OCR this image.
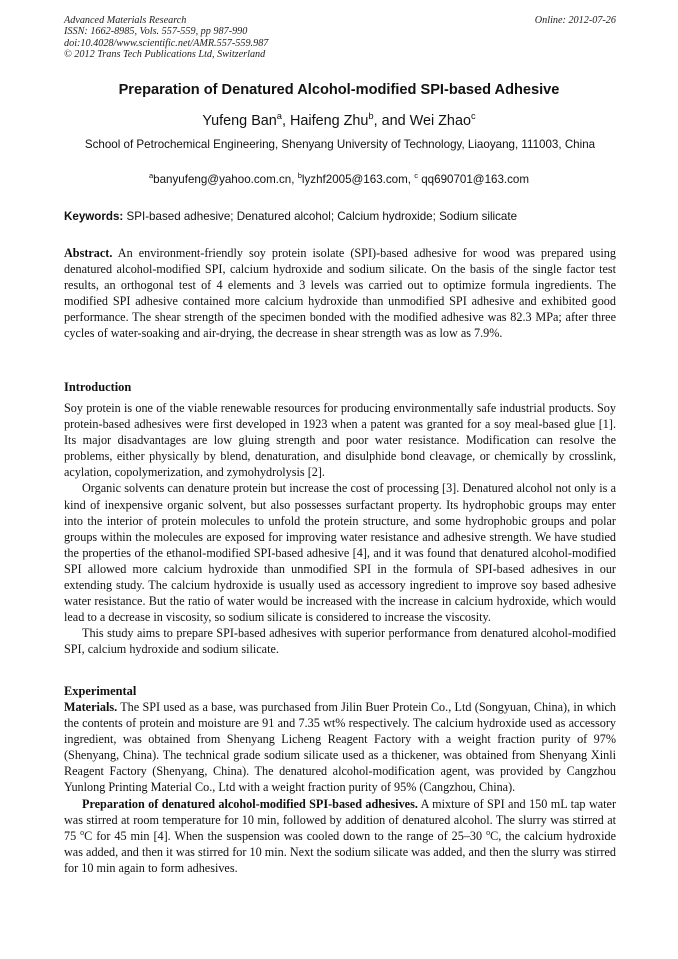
Advanced Materials Research
ISSN: 1662-8985, Vols. 557-559, pp 987-990
doi:10.4028/www.scientific.net/AMR.557-559.987
© 2012 Trans Tech Publications Ltd, Switzerland
Online: 2012-07-26
Preparation of Denatured Alcohol-modified SPI-based Adhesive
Yufeng Ban$^a$, Haifeng Zhu$^b$, and Wei Zhao$^c$
School of Petrochemical Engineering, Shenyang University of Technology, Liaoyang, 111003, China
$^a$banyufeng@yahoo.com.cn, $^b$lyzhf2005@163.com, $^c$ qq690701@163.com
Keywords: SPI-based adhesive; Denatured alcohol; Calcium hydroxide; Sodium silicate

Abstract. An environment-friendly soy protein isolate (SPI)-based adhesive for wood was prepared using denatured alcohol-modified SPI, calcium hydroxide and sodium silicate. On the basis of the single factor test results, an orthogonal test of 4 elements and 3 levels was carried out to optimize formula ingredients. The modified SPI adhesive contained more calcium hydroxide than unmodified SPI adhesive and exhibited good performance. The shear strength of the specimen bonded with the modified adhesive was 82.3 MPa; after three cycles of water-soaking and air-drying, the decrease in shear strength was as low as 7.9%.

Introduction

Soy protein is one of the viable renewable resources for producing environmentally safe industrial products. Soy protein-based adhesives were first developed in 1923 when a patent was granted for a soy meal-based glue [1]. Its major disadvantages are low gluing strength and poor water resistance. Modification can resolve the problems, either physically by blend, denaturation, and disulphide bond cleavage, or chemically by crosslink, acylation, copolymerization, and zymohydrolysis [2].

Organic solvents can denature protein but increase the cost of processing [3]. Denatured alcohol not only is a kind of inexpensive organic solvent, but also possesses surfactant property. Its hydrophobic groups may enter into the interior of protein molecules to unfold the protein structure, and some hydrophobic groups and polar groups within the molecules are exposed for improving water resistance and adhesive strength. We have studied the properties of the ethanol-modified SPI-based adhesive [4], and it was found that denatured alcohol-modified SPI allowed more calcium hydroxide than unmodified SPI in the formula of SPI-based adhesives in our extending study. The calcium hydroxide is usually used as accessory ingredient to improve soy based adhesive water resistance. But the ratio of water would be increased with the increase in calcium hydroxide, which would lead to a decrease in viscosity, so sodium silicate is considered to increase the viscosity.

This study aims to prepare SPI-based adhesives with superior performance from denatured alcohol-modified SPI, calcium hydroxide and sodium silicate.

Experimental

Materials. The SPI used as a base, was purchased from Jilin Buer Protein Co., Ltd (Songyuan, China), in which the contents of protein and moisture are 91 and 7.35 wt% respectively. The calcium hydroxide used as accessory ingredient, was obtained from Shenyang Licheng Reagent Factory with a weight fraction purity of 97% (Shenyang, China). The technical grade sodium silicate used as a thickener, was obtained from Shenyang Xinli Reagent Factory (Shenyang, China). The denatured alcohol-modification agent, was provided by Cangzhou Yunlong Printing Material Co., Ltd with a weight fraction purity of 95% (Cangzhou, China).

Preparation of denatured alcohol-modified SPI-based adhesives. A mixture of SPI and 150 mL tap water was stirred at room temperature for 10 min, followed by addition of denatured alcohol. The slurry was stirred at 75 $^o$C for 45 min [4]. When the suspension was cooled down to the range of 25–30 $^o$C, the calcium hydroxide was added, and then it was stirred for 10 min. Next the sodium silicate was added, and then the slurry was stirred for 10 min again to form adhesives.
